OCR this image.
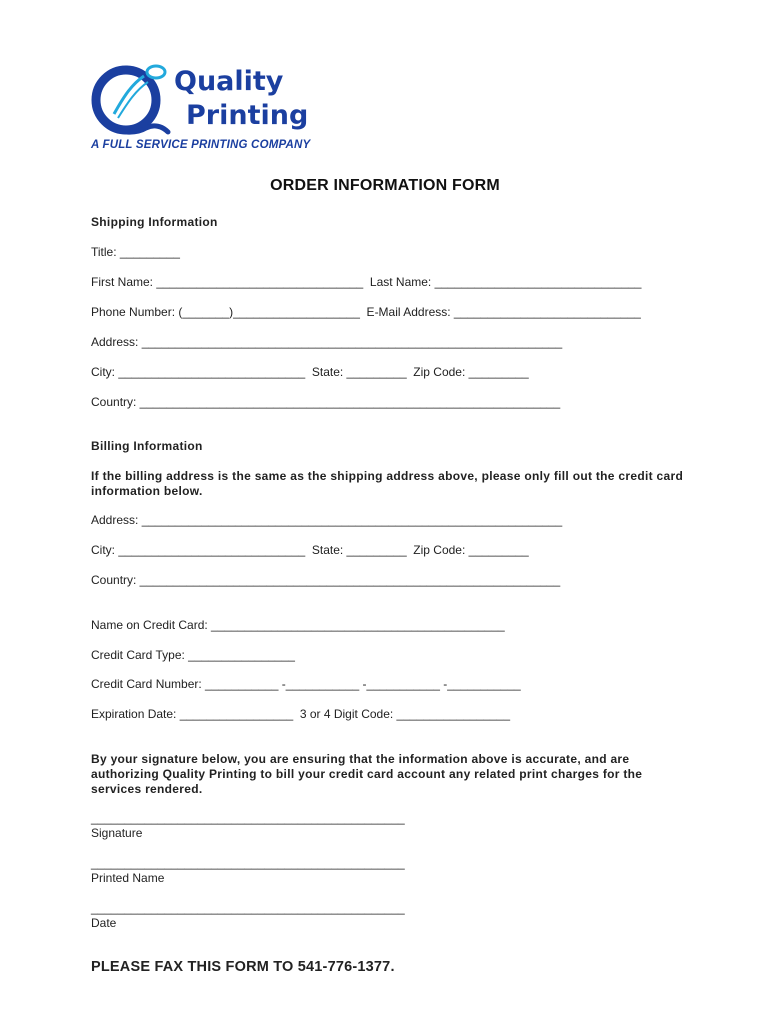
Quality
Printing
A FULL SERVICE PRINTING COMPANY
ORDER INFORMATION FORM
Shipping Information
Title: _________
First Name: _______________________________  Last Name: _______________________________
Phone Number: (_______)___________________  E-Mail Address: ____________________________
Address: _______________________________________________________________
City: ____________________________  State: _________  Zip Code: _________
Country: _______________________________________________________________
Billing Information
If the billing address is the same as the shipping address above, please only fill out the credit card information below.
Address: _______________________________________________________________
City: ____________________________  State: _________  Zip Code: _________
Country: _______________________________________________________________
Name on Credit Card: ____________________________________________
Credit Card Type: ________________
Credit Card Number: ___________ -___________ -___________ -___________
Expiration Date: _________________  3 or 4 Digit Code: _________________
By your signature below, you are ensuring that the information above is accurate, and are authorizing Quality Printing to bill your credit card account any related print charges for the services rendered.
_______________________________________________
Signature
_______________________________________________
Printed Name
_______________________________________________
Date
PLEASE FAX THIS FORM TO 541-776-1377.
